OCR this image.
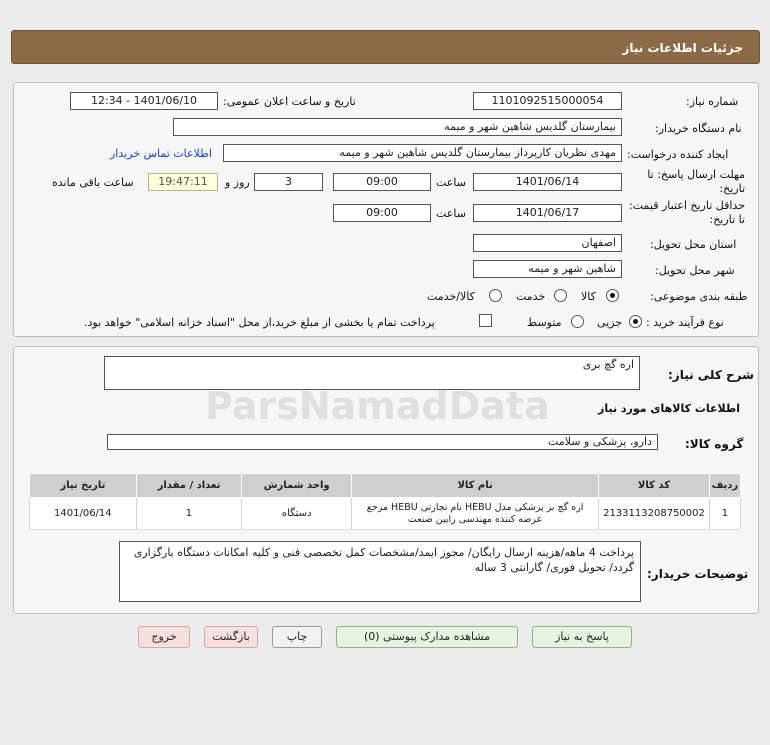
جزئیات اطلاعات نیاز
شماره نیاز:
1101092515000054
تاریخ و ساعت اعلان عمومی:
1401/06/10 - 12:34
نام دستگاه خریدار:
بیمارستان گلدیس شاهین شهر و میمه
ایجاد کننده درخواست:
مهدی نظریان کارپرداز بیمارستان گلدیس شاهین شهر و میمه
اطلاعات تماس خریدار
مهلت ارسال پاسخ: تا تاریخ:
1401/06/14
ساعت
09:00
3
روز و
19:47:11
ساعت باقی مانده
حداقل تاریخ اعتبار قیمت: تا تاریخ:
1401/06/17
ساعت
09:00
استان محل تحویل:
اصفهان
شهر محل تحویل:
شاهین شهر و میمه
طبقه بندی موضوعی:
کالا
خدمت
کالا/خدمت
نوع فرآیند خرید :
جزیی
متوسط
پرداخت تمام یا بخشی از مبلغ خرید،از محل "اسناد خزانه اسلامی" خواهد بود.
شرح کلی نیاز:
اره گچ بری
اطلاعات کالاهای مورد نیاز
گروه کالا:
دارو، پزشکی و سلامت
ردیف	کد کالا	نام کالا	واحد شمارش	تعداد / مقدار	تاریخ نیاز
1	2133113208750002	اره گچ بر پزشکی مدل HEBU نام تجارتی HEBU مرجع عرضه کننده مهندسی رایین صنعت	دستگاه	1	1401/06/14
توضیحات خریدار:
پرداخت 4 ماهه/هزینه ارسال رایگان/ مجوز ایمد/مشخصات کمل تخصصی فنی و کلیه امکانات دستگاه بارگزاری گردد/ تحویل فوری/ گارانتی 3 ساله
پاسخ به نیاز
مشاهده مدارک پیوستی (0)
چاپ
بازگشت
خروج
